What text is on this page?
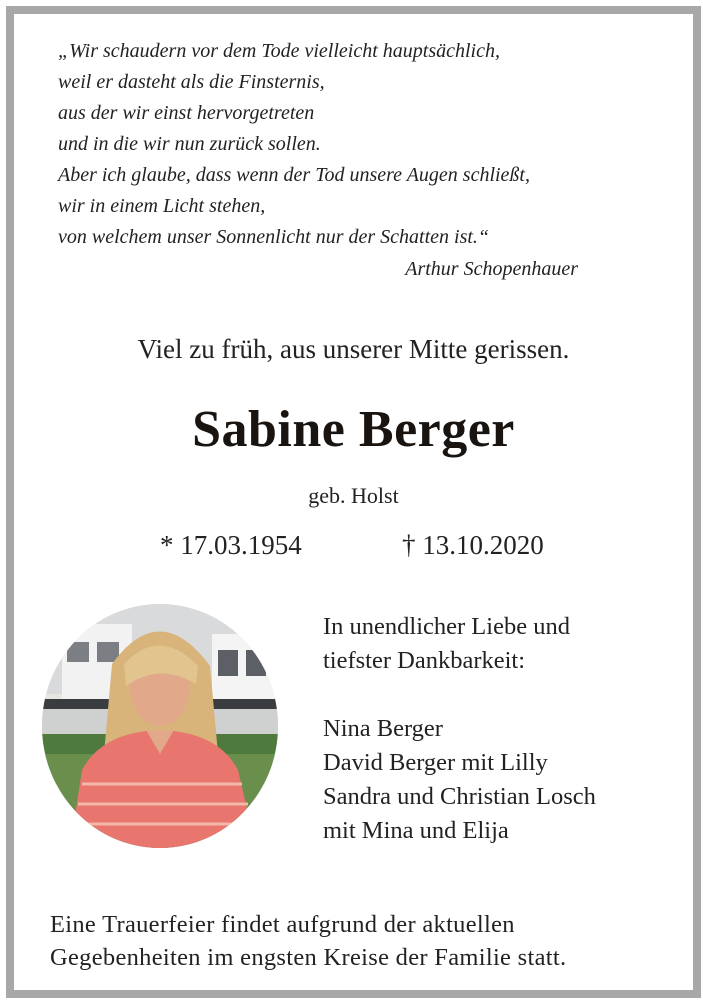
„Wir schaudern vor dem Tode vielleicht hauptsächlich,
weil er dasteht als die Finsternis,
aus der wir einst hervorgetreten
und in die wir nun zurück sollen.
Aber ich glaube, dass wenn der Tod unsere Augen schließt,
wir in einem Licht stehen,
von welchem unser Sonnenlicht nur der Schatten ist.“
Arthur Schopenhauer
Viel zu früh, aus unserer Mitte gerissen.
Sabine Berger
geb. Holst
* 17.03.1954	† 13.10.2020
In unendlicher Liebe und
tiefster Dankbarkeit:
Nina Berger
David Berger mit Lilly
Sandra und Christian Losch
mit Mina und Elija
Eine Trauerfeier findet aufgrund der aktuellen
Gegebenheiten im engsten Kreise der Familie statt.
